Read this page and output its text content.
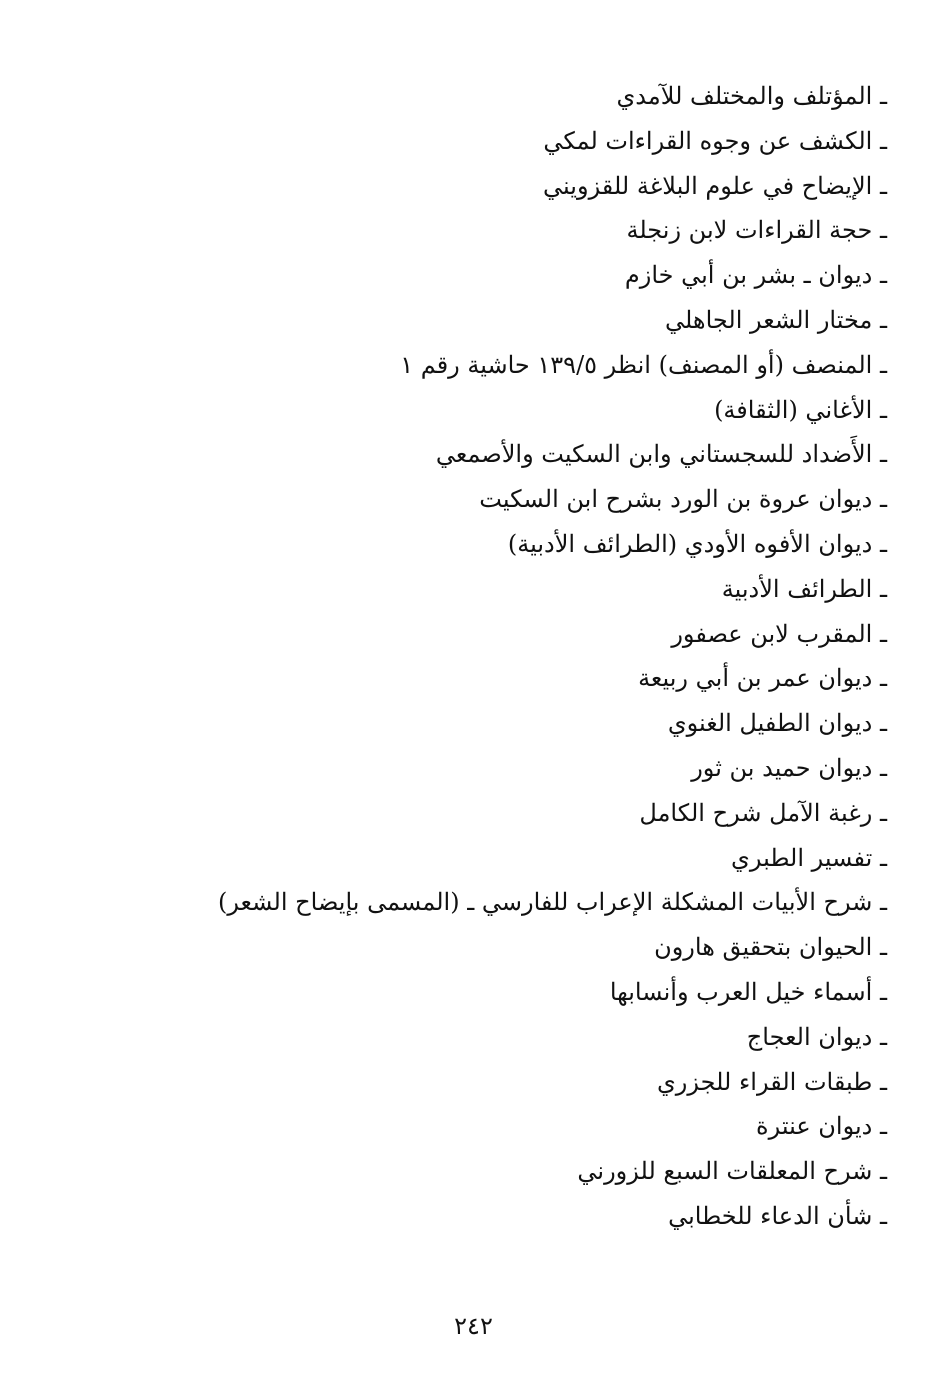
ـ المؤتلف والمختلف للآمدي
ـ الكشف عن وجوه القراءات لمكي
ـ الإيضاح في علوم البلاغة للقزويني
ـ حجة القراءات لابن زنجلة
ـ ديوان ـ بشر بن أبي خازم
ـ مختار الشعر الجاهلي
ـ المنصف (أو المصنف) انظر ١٣٩/٥ حاشية رقم ١
ـ الأغاني (الثقافة)
ـ الأَضداد للسجستاني وابن السكيت والأصمعي
ـ ديوان عروة بن الورد بشرح ابن السكيت
ـ ديوان الأفوه الأودي (الطرائف الأدبية)
ـ الطرائف الأدبية
ـ المقرب لابن عصفور
ـ ديوان عمر بن أبي ربيعة
ـ ديوان الطفيل الغنوي
ـ ديوان حميد بن ثور
ـ رغبة الآمل شرح الكامل
ـ تفسير الطبري
ـ شرح الأبيات المشكلة الإعراب للفارسي ـ (المسمى بإيضاح الشعر)
ـ الحيوان بتحقيق هارون
ـ أسماء خيل العرب وأنسابها
ـ ديوان العجاج
ـ طبقات القراء للجزري
ـ ديوان عنترة
ـ شرح المعلقات السبع للزورني
ـ شأن الدعاء للخطابي
٢٤٢
